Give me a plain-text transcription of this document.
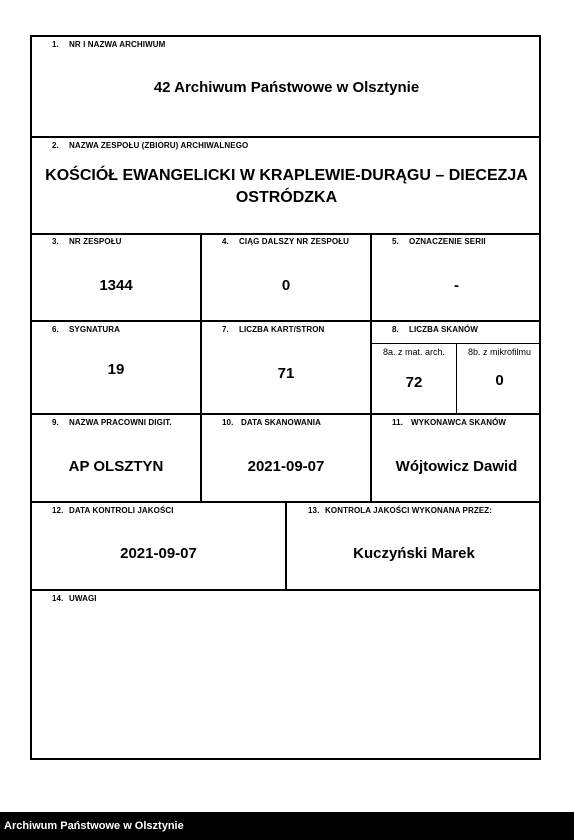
1. NR I NAZWA ARCHIWUM
42 Archiwum Państwowe w Olsztynie
2. NAZWA ZESPOŁU (ZBIORU) ARCHIWALNEGO
KOŚCIÓŁ EWANGELICKI W KRAPLEWIE-DURĄGU – DIECEZJA
OSTRÓDZKA
3. NR ZESPOŁU
1344
4. CIĄG DALSZY NR ZESPOŁU
0
5. OZNACZENIE SERII
-
6. SYGNATURA
19
7. LICZBA KART/STRON
71
8. LICZBA SKANÓW
8a. z mat. arch.	8b. z mikrofilmu
72	0
9. NAZWA PRACOWNI DIGIT.
AP OLSZTYN
10. DATA SKANOWANIA
2021-09-07
11. WYKONAWCA SKANÓW
Wójtowicz Dawid
12. DATA KONTROLI JAKOŚCI
2021-09-07
13. KONTROLA JAKOŚCI WYKONANA PRZEZ:
Kuczyński Marek
14. UWAGI
Archiwum Państwowe w Olsztynie
